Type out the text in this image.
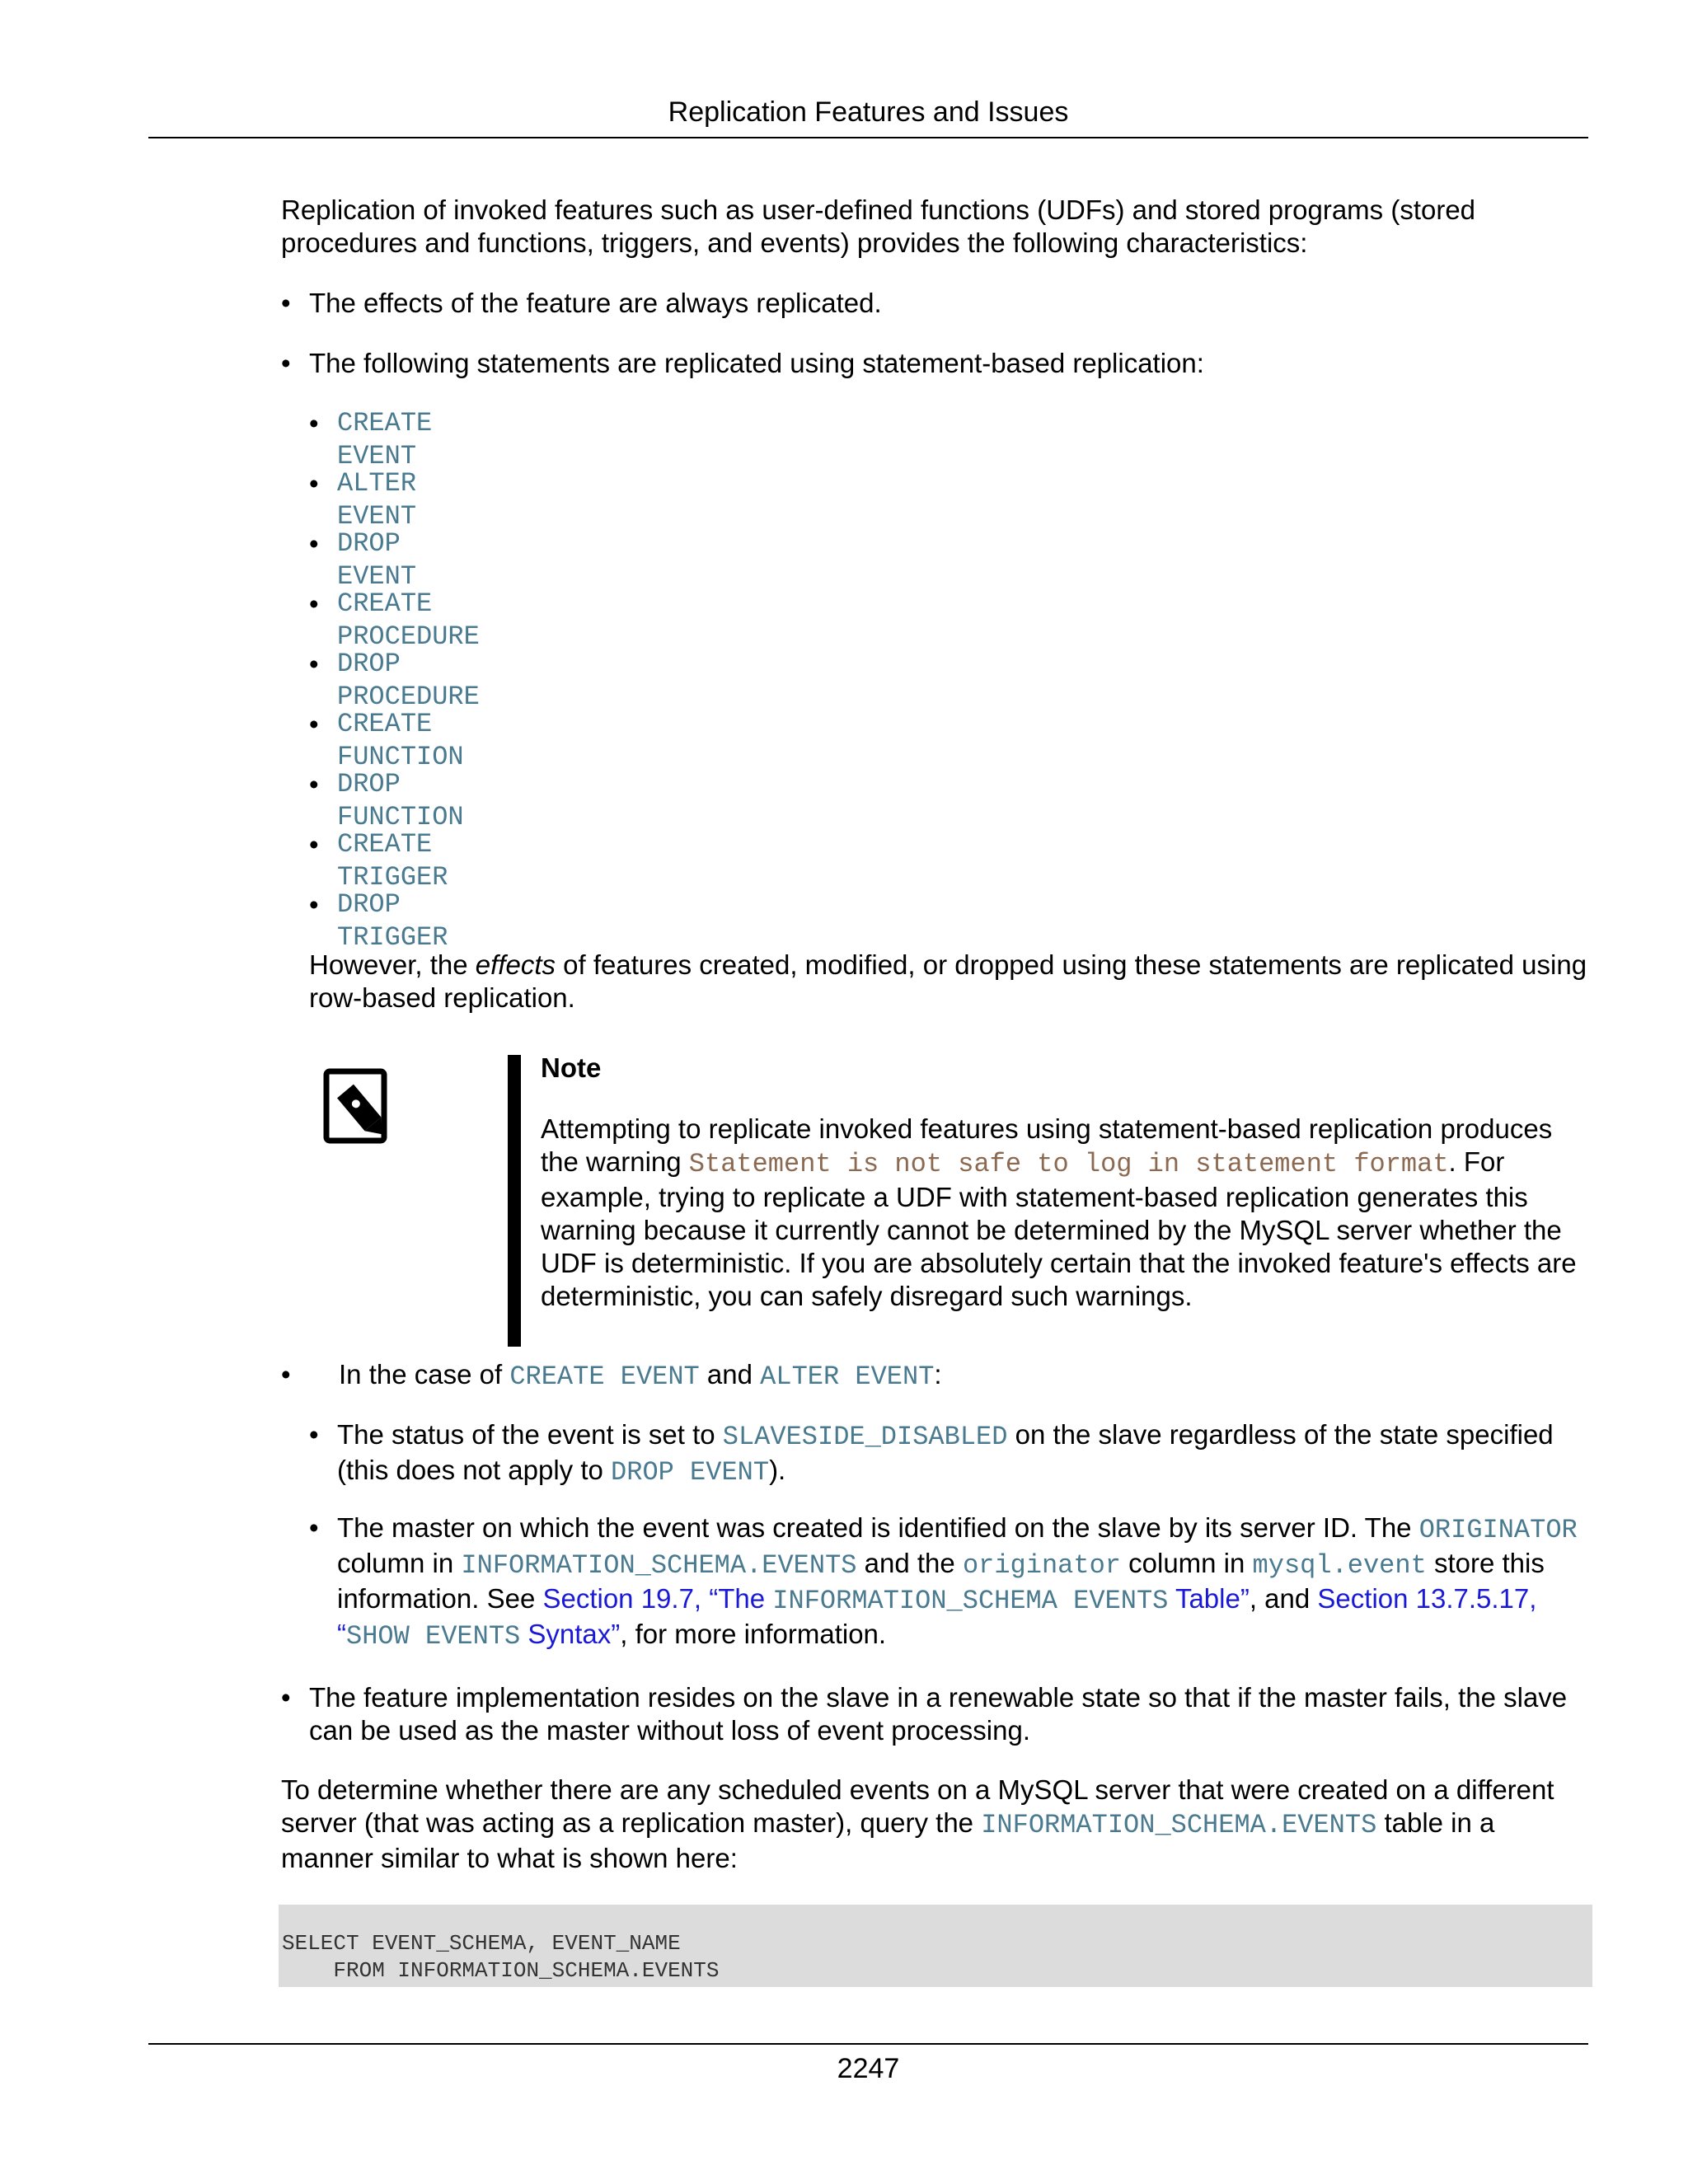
Replication Features and Issues
Replication of invoked features such as user-defined functions (UDFs) and stored programs (stored procedures and functions, triggers, and events) provides the following characteristics:
• The effects of the feature are always replicated.
• The following statements are replicated using statement-based replication:
• CREATE EVENT
• ALTER EVENT
• DROP EVENT
• CREATE PROCEDURE
• DROP PROCEDURE
• CREATE FUNCTION
• DROP FUNCTION
• CREATE TRIGGER
• DROP TRIGGER
However, the effects of features created, modified, or dropped using these statements are replicated using row-based replication.
Note
Attempting to replicate invoked features using statement-based replication produces the warning Statement is not safe to log in statement format. For example, trying to replicate a UDF with statement-based replication generates this warning because it currently cannot be determined by the MySQL server whether the UDF is deterministic. If you are absolutely certain that the invoked feature's effects are deterministic, you can safely disregard such warnings.
• In the case of CREATE EVENT and ALTER EVENT:
• The status of the event is set to SLAVESIDE_DISABLED on the slave regardless of the state specified (this does not apply to DROP EVENT).
• The master on which the event was created is identified on the slave by its server ID. The ORIGINATOR column in INFORMATION_SCHEMA.EVENTS and the originator column in mysql.event store this information. See Section 19.7, “The INFORMATION_SCHEMA EVENTS Table”, and Section 13.7.5.17, “SHOW EVENTS Syntax”, for more information.
• The feature implementation resides on the slave in a renewable state so that if the master fails, the slave can be used as the master without loss of event processing.
To determine whether there are any scheduled events on a MySQL server that were created on a different server (that was acting as a replication master), query the INFORMATION_SCHEMA.EVENTS table in a manner similar to what is shown here:
SELECT EVENT_SCHEMA, EVENT_NAME
FROM INFORMATION_SCHEMA.EVENTS
2247
